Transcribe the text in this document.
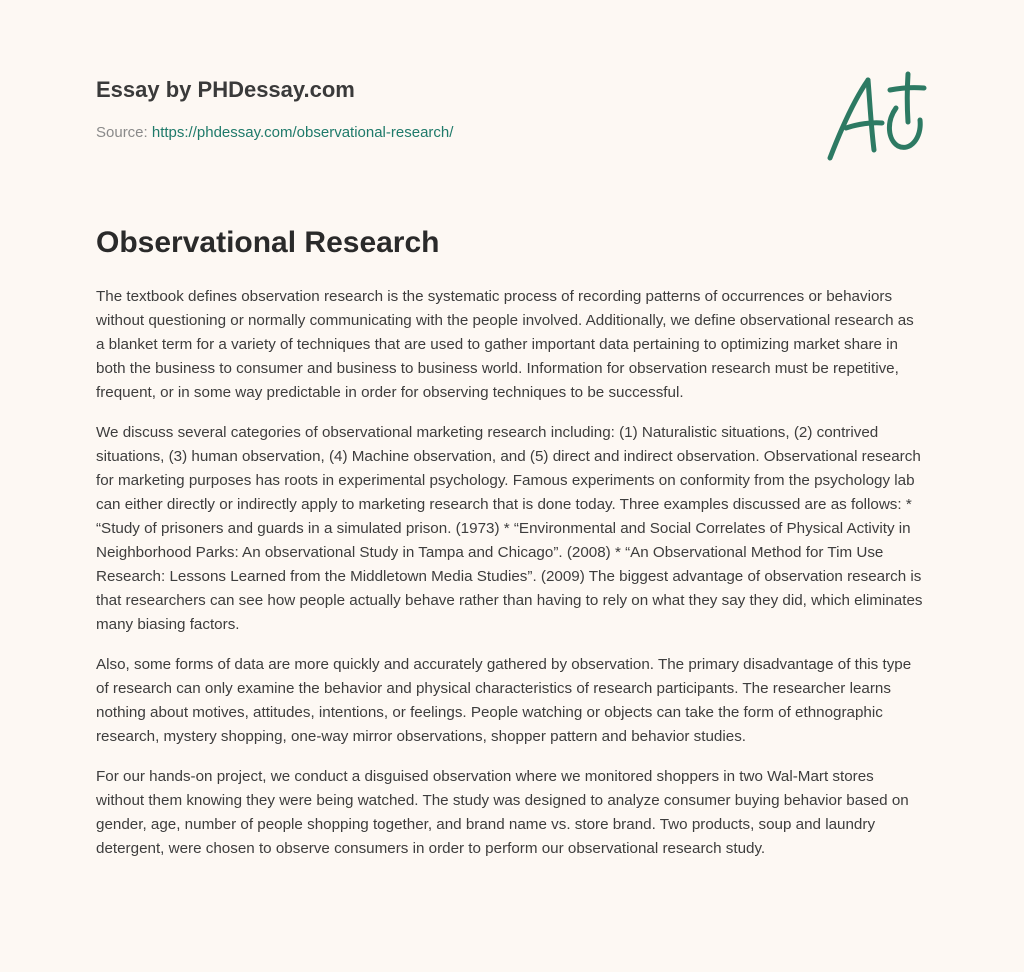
Essay by PHDessay.com
Source: https://phdessay.com/observational-research/
Observational Research

The textbook defines observation research is the systematic process of recording patterns of occurrences or behaviors without questioning or normally communicating with the people involved. Additionally, we define observational research as a blanket term for a variety of techniques that are used to gather important data pertaining to optimizing market share in both the business to consumer and business to business world. Information for observation research must be repetitive, frequent, or in some way predictable in order for observing techniques to be successful.

We discuss several categories of observational marketing research including: (1) Naturalistic situations, (2) contrived situations, (3) human observation, (4) Machine observation, and (5) direct and indirect observation. Observational research for marketing purposes has roots in experimental psychology. Famous experiments on conformity from the psychology lab can either directly or indirectly apply to marketing research that is done today. Three examples discussed are as follows: * “Study of prisoners and guards in a simulated prison. (1973) * “Environmental and Social Correlates of Physical Activity in Neighborhood Parks: An observational Study in Tampa and Chicago”. (2008) * “An Observational Method for Tim Use Research: Lessons Learned from the Middletown Media Studies”. (2009) The biggest advantage of observation research is that researchers can see how people actually behave rather than having to rely on what they say they did, which eliminates many biasing factors.

Also, some forms of data are more quickly and accurately gathered by observation. The primary disadvantage of this type of research can only examine the behavior and physical characteristics of research participants. The researcher learns nothing about motives, attitudes, intentions, or feelings. People watching or objects can take the form of ethnographic research, mystery shopping, one-way mirror observations, shopper pattern and behavior studies.

For our hands-on project, we conduct a disguised observation where we monitored shoppers in two Wal-Mart stores without them knowing they were being watched. The study was designed to analyze consumer buying behavior based on gender, age, number of people shopping together, and brand name vs. store brand. Two products, soup and laundry detergent, were chosen to observe consumers in order to perform our observational research study.
